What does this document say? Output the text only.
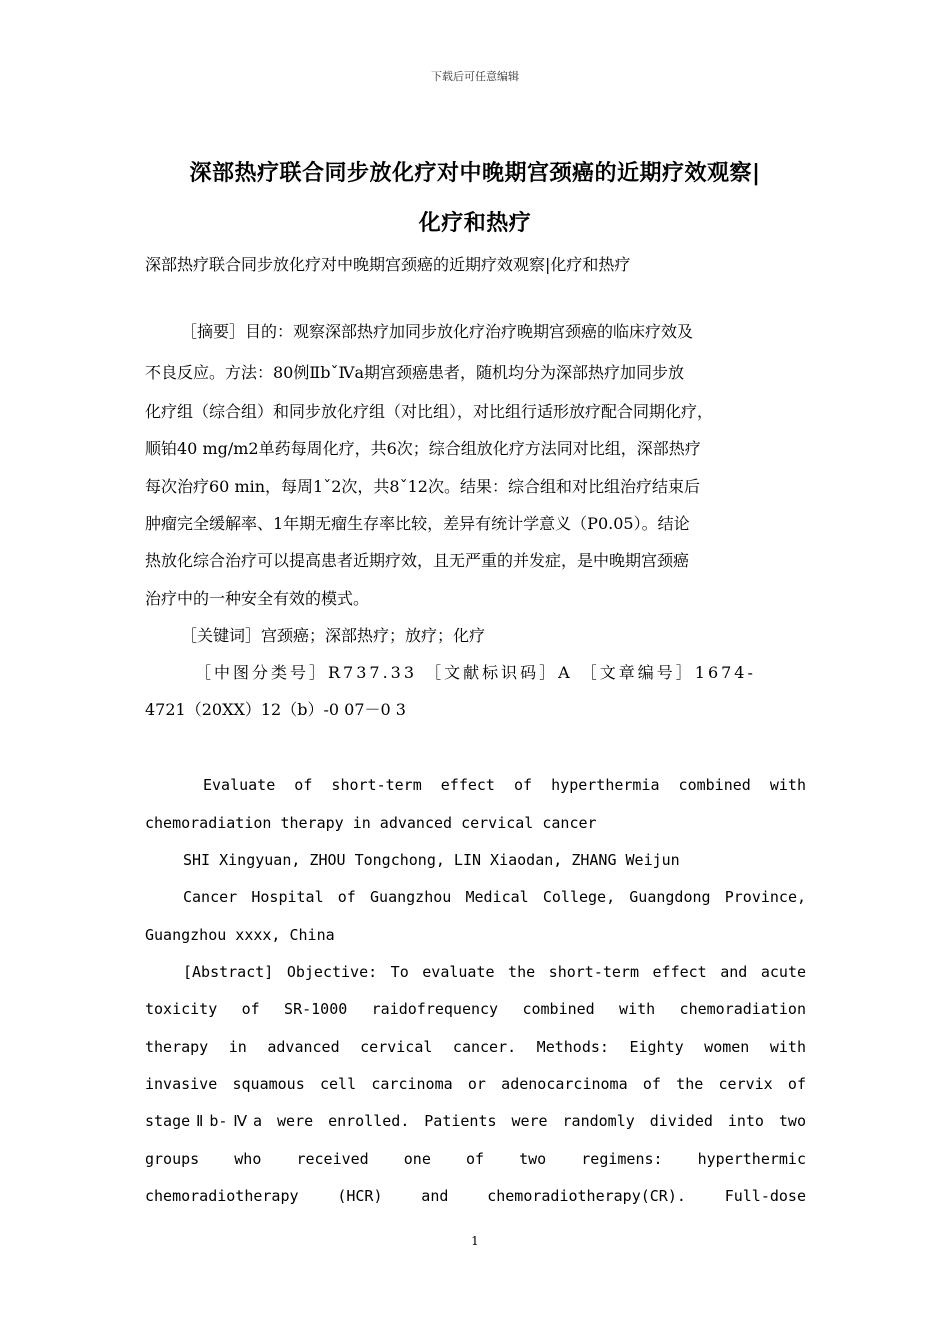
下载后可任意编辑
深部热疗联合同步放化疗对中晚期宫颈癌的近期疗效观察|
化疗和热疗
深部热疗联合同步放化疗对中晚期宫颈癌的近期疗效观察|化疗和热疗
［摘要］目的：观察深部热疗加同步放化疗治疗晚期宫颈癌的临床疗效及
不良反应。方法：80例ⅡbˇⅣa期宫颈癌患者，随机均分为深部热疗加同步放
化疗组（综合组）和同步放化疗组（对比组），对比组行适形放疗配合同期化疗，
顺铂40 mg/m2单药每周化疗，共6次；综合组放化疗方法同对比组，深部热疗
每次治疗60 min，每周1ˇ2次，共8ˇ12次。结果：综合组和对比组治疗结束后
肿瘤完全缓解率、1年期无瘤生存率比较，差异有统计学意义（P0.05）。结论
热放化综合治疗可以提高患者近期疗效，且无严重的并发症，是中晚期宫颈癌
治疗中的一种安全有效的模式。
［关键词］宫颈癌；深部热疗；放疗；化疗
［中图分类号］R737.33 ［文献标识码］A ［文章编号］1674-
4721（20XX）12（b）-0 07－0 3
Evaluate of short-term effect of hyperthermia combined with
chemoradiation therapy in advanced cervical cancer
SHI Xingyuan, ZHOU Tongchong, LIN Xiaodan, ZHANG Weijun
Cancer Hospital of Guangzhou Medical College, Guangdong Province,
Guangzhou xxxx, China
[Abstract] Objective: To evaluate the short-term effect and acute
toxicity of SR-1000 raidofrequency combined with chemoradiation
therapy in advanced cervical cancer. Methods: Eighty women with
invasive squamous cell carcinoma or adenocarcinoma of the cervix of
stageⅡb-Ⅳa were enrolled. Patients were randomly divided into two
groups who received one of two regimens: hyperthermic
chemoradiotherapy (HCR) and chemoradiotherapy(CR). Full-dose
1
